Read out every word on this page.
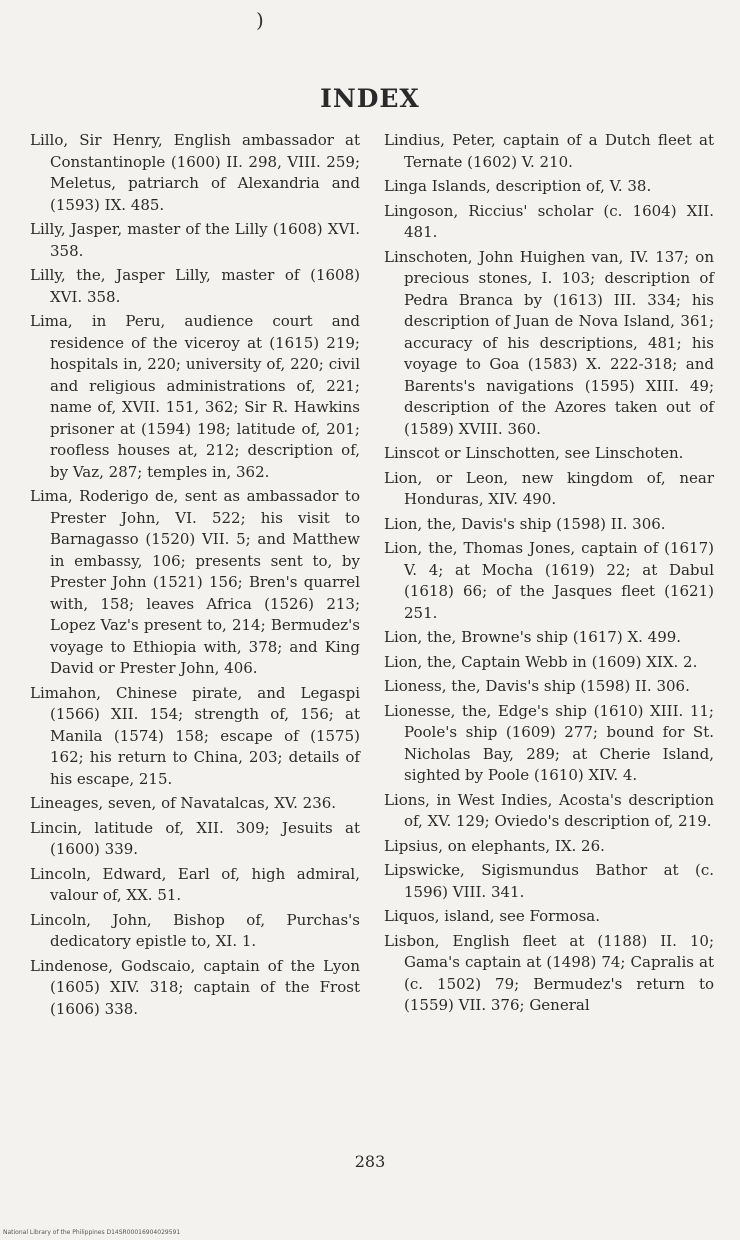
)
INDEX

Lillo, Sir Henry, English ambassador at Constantinople (1600) II. 298, VIII. 259; Meletus, patriarch of Alexandria and (1593) IX. 485.

Lilly, Jasper, master of the Lilly (1608) XVI. 358.

Lilly, the, Jasper Lilly, master of (1608) XVI. 358.

Lima, in Peru, audience court and residence of the viceroy at (1615) 219; hospitals in, 220; university of, 220; civil and religious administrations of, 221; name of, XVII. 151, 362; Sir R. Hawkins prisoner at (1594) 198; latitude of, 201; roofless houses at, 212; description of, by Vaz, 287; temples in, 362.

Lima, Roderigo de, sent as ambassador to Prester John, VI. 522; his visit to Barnagasso (1520) VII. 5; and Matthew in embassy, 106; presents sent to, by Prester John (1521) 156; Bren's quarrel with, 158; leaves Africa (1526) 213; Lopez Vaz's present to, 214; Bermudez's voyage to Ethiopia with, 378; and King David or Prester John, 406.

Limahon, Chinese pirate, and Legaspi (1566) XII. 154; strength of, 156; at Manila (1574) 158; escape of (1575) 162; his return to China, 203; details of his escape, 215.

Lineages, seven, of Navatalcas, XV. 236.

Lincin, latitude of, XII. 309; Jesuits at (1600) 339.

Lincoln, Edward, Earl of, high admiral, valour of, XX. 51.

Lincoln, John, Bishop of, Purchas's dedicatory epistle to, XI. 1.

Lindenose, Godscaio, captain of the Lyon (1605) XIV. 318; captain of the Frost (1606) 338.

Lindius, Peter, captain of a Dutch fleet at Ternate (1602) V. 210.

Linga Islands, description of, V. 38.

Lingoson, Riccius' scholar (c. 1604) XII. 481.

Linschoten, John Huighen van, IV. 137; on precious stones, I. 103; description of Pedra Branca by (1613) III. 334; his description of Juan de Nova Island, 361; accuracy of his descriptions, 481; his voyage to Goa (1583) X. 222-318; and Barents's navigations (1595) XIII. 49; description of the Azores taken out of (1589) XVIII. 360.

Linscot or Linschotten, see Linschoten.

Lion, or Leon, new kingdom of, near Honduras, XIV. 490.

Lion, the, Davis's ship (1598) II. 306.

Lion, the, Thomas Jones, captain of (1617) V. 4; at Mocha (1619) 22; at Dabul (1618) 66; of the Jasques fleet (1621) 251.

Lion, the, Browne's ship (1617) X. 499.

Lion, the, Captain Webb in (1609) XIX. 2.

Lioness, the, Davis's ship (1598) II. 306.

Lionesse, the, Edge's ship (1610) XIII. 11; Poole's ship (1609) 277; bound for St. Nicholas Bay, 289; at Cherie Island, sighted by Poole (1610) XIV. 4.

Lions, in West Indies, Acosta's description of, XV. 129; Oviedo's description of, 219.

Lipsius, on elephants, IX. 26.

Lipswicke, Sigismundus Bathor at (c. 1596) VIII. 341.

Liquos, island, see Formosa.

Lisbon, English fleet at (1188) II. 10; Gama's captain at (1498) 74; Capralis at (c. 1502) 79; Bermudez's return to (1559) VII. 376; General

283
National Library of the Philippines D14SR00016904029591
